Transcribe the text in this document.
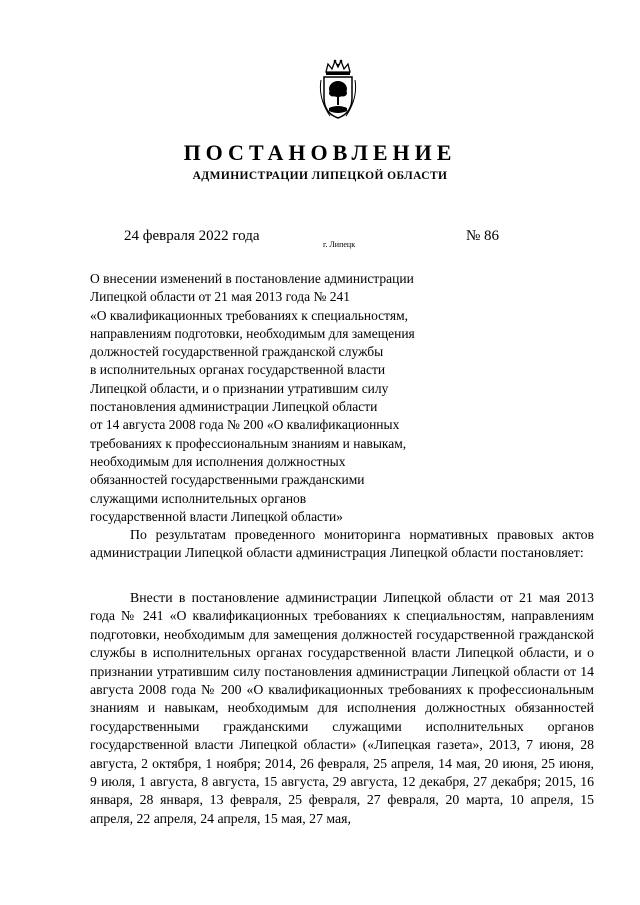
ПОСТАНОВЛЕНИЕ
АДМИНИСТРАЦИИ ЛИПЕЦКОЙ ОБЛАСТИ
24 февраля 2022 года
г. Липецк
№ 86
О внесении изменений в постановление администрации
Липецкой области от 21 мая 2013 года № 241
«О квалификационных требованиях к специальностям,
направлениям подготовки, необходимым для замещения
должностей государственной гражданской службы
в исполнительных органах государственной власти
Липецкой области, и о признании утратившим силу
постановления администрации Липецкой области
от 14 августа 2008 года № 200 «О квалификационных
требованиях к профессиональным знаниям и навыкам,
необходимым для исполнения должностных
обязанностей государственными гражданскими
служащими исполнительных органов
государственной власти Липецкой области»

По результатам проведенного мониторинга нормативных правовых актов администрации Липецкой области администрация Липецкой области постановляет:

Внести в постановление администрации Липецкой области от 21 мая 2013 года № 241 «О квалификационных требованиях к специальностям, направлениям подготовки, необходимым для замещения должностей государственной гражданской службы в исполнительных органах государственной власти Липецкой области, и о признании утратившим силу постановления администрации Липецкой области от 14 августа 2008 года № 200 «О квалификационных требованиях к профессиональным знаниям и навыкам, необходимым для исполнения должностных обязанностей государственными гражданскими служащими исполнительных органов государственной власти Липецкой области» («Липецкая газета», 2013, 7 июня, 28 августа, 2 октября, 1 ноября; 2014, 26 февраля, 25 апреля, 14 мая, 20 июня, 25 июня, 9 июля, 1 августа, 8 августа, 15 августа, 29 августа, 12 декабря, 27 декабря; 2015, 16 января, 28 января, 13 февраля, 25 февраля, 27 февраля, 20 марта, 10 апреля, 15 апреля, 22 апреля, 24 апреля, 15 мая, 27 мая,
